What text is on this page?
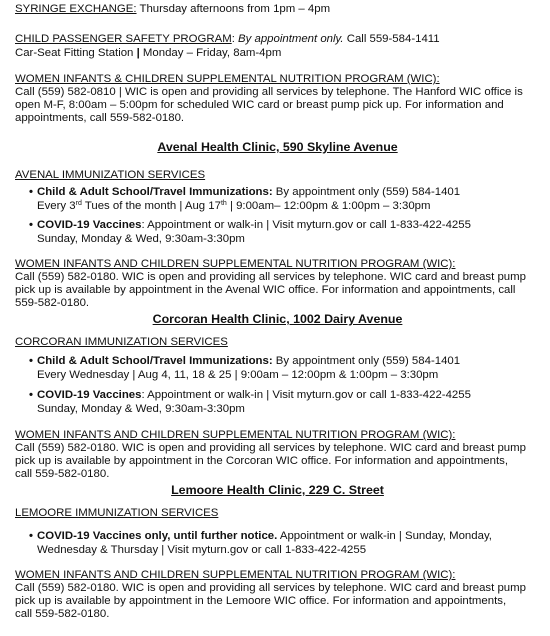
SYRINGE EXCHANGE: Thursday afternoons from 1pm – 4pm
CHILD PASSENGER SAFETY PROGRAM: By appointment only. Call 559-584-1411
Car-Seat Fitting Station | Monday – Friday, 8am-4pm
WOMEN INFANTS & CHILDREN SUPPLEMENTAL NUTRITION PROGRAM (WIC):
Call (559) 582-0810 | WIC is open and providing all services by telephone. The Hanford WIC office is
open M-F, 8:00am – 5:00pm for scheduled WIC card or breast pump pick up. For information and
appointments, call 559-582-0180.
Avenal Health Clinic, 590 Skyline Avenue
AVENAL IMMUNIZATION SERVICES
• Child & Adult School/Travel Immunizations: By appointment only (559) 584-1401
Every 3rd Tues of the month | Aug 17th | 9:00am– 12:00pm & 1:00pm – 3:30pm
• COVID-19 Vaccines: Appointment or walk-in | Visit myturn.gov or call 1-833-422-4255
Sunday, Monday & Wed, 9:30am-3:30pm
WOMEN INFANTS AND CHILDREN SUPPLEMENTAL NUTRITION PROGRAM (WIC):
Call (559) 582-0180. WIC is open and providing all services by telephone. WIC card and breast pump
pick up is available by appointment in the Avenal WIC office. For information and appointments, call
559-582-0180.
Corcoran Health Clinic, 1002 Dairy Avenue
CORCORAN IMMUNIZATION SERVICES
• Child & Adult School/Travel Immunizations: By appointment only (559) 584-1401
Every Wednesday | Aug 4, 11, 18 & 25 | 9:00am – 12:00pm & 1:00pm – 3:30pm
• COVID-19 Vaccines: Appointment or walk-in | Visit myturn.gov or call 1-833-422-4255
Sunday, Monday & Wed, 9:30am-3:30pm
WOMEN INFANTS AND CHILDREN SUPPLEMENTAL NUTRITION PROGRAM (WIC):
Call (559) 582-0180. WIC is open and providing all services by telephone. WIC card and breast pump
pick up is available by appointment in the Corcoran WIC office. For information and appointments,
call 559-582-0180.
Lemoore Health Clinic, 229 C. Street
LEMOORE IMMUNIZATION SERVICES
• COVID-19 Vaccines only, until further notice. Appointment or walk-in | Sunday, Monday,
Wednesday & Thursday | Visit myturn.gov or call 1-833-422-4255
WOMEN INFANTS AND CHILDREN SUPPLEMENTAL NUTRITION PROGRAM (WIC):
Call (559) 582-0180. WIC is open and providing all services by telephone. WIC card and breast pump
pick up is available by appointment in the Lemoore WIC office. For information and appointments,
call 559-582-0180.
